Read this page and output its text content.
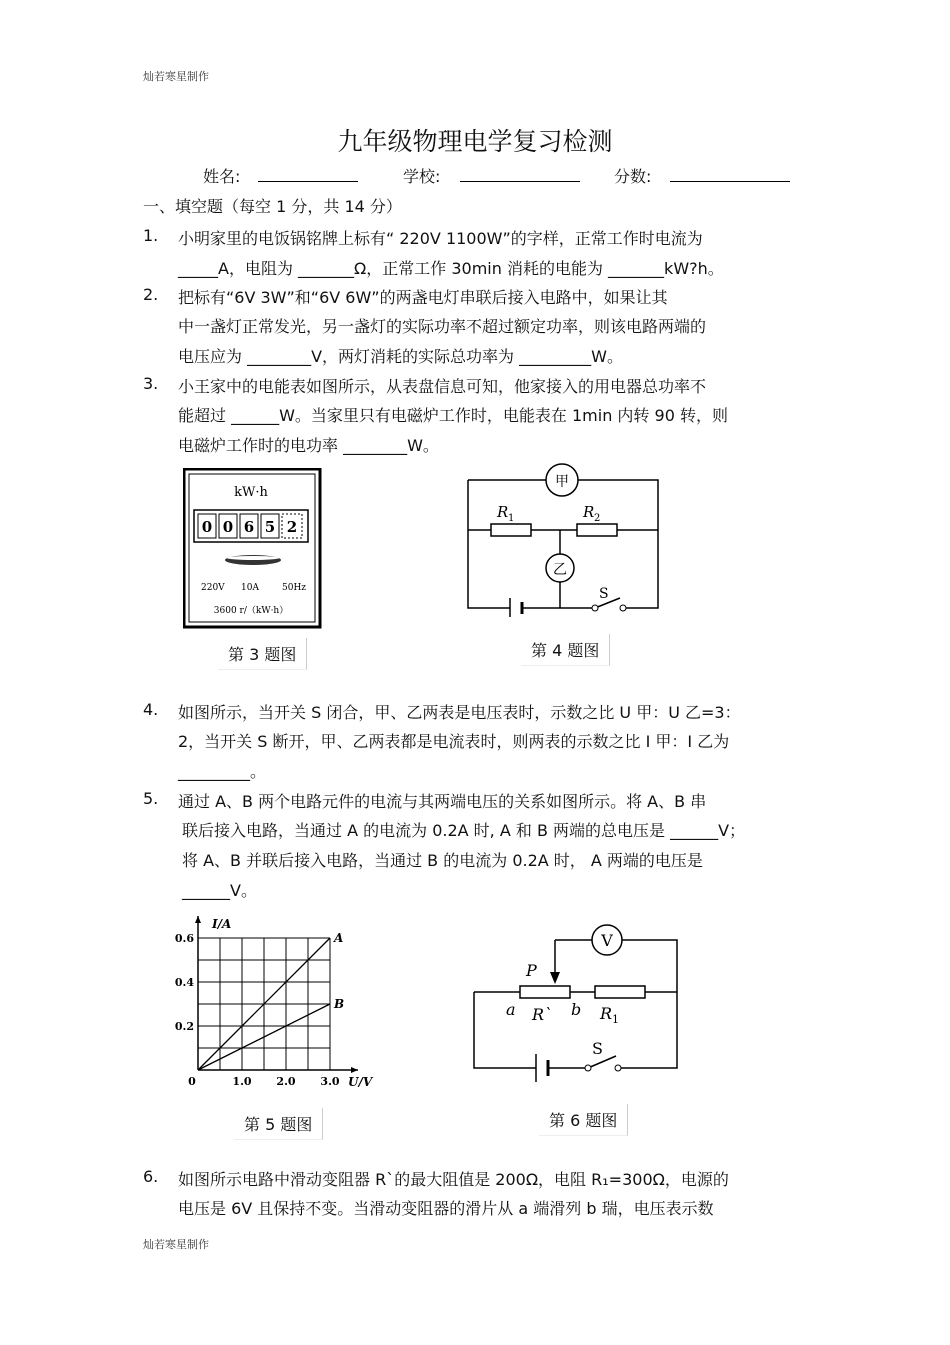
灿若寒星制作
九年级物理电学复习检测
姓名:	学校:	分数:
一、填空题（每空 1 分，共 14 分）
1. 小明家里的电饭锅铭牌上标有“ 220V 1100W”的字样，正常工作时电流为
_____A，电阻为 _______Ω，正常工作 30min 消耗的电能为 _______kW?h。
2. 把标有“6V 3W”和“6V 6W”的两盏电灯串联后接入电路中，如果让其
中一盏灯正常发光，另一盏灯的实际功率不超过额定功率，则该电路两端的
电压应为 ________V，两灯消耗的实际总功率为 _________W。
3. 小王家中的电能表如图所示，从表盘信息可知，他家接入的用电器总功率不
能超过 ______W。当家里只有电磁炉工作时，电能表在 1min 内转 90 转，则
电磁炉工作时的电功率 ________W。
kW·h
0 0 6 5 2
220V 10A	50Hz
3600 r/（kW·h）
第 3 题图
甲
乙
R 1	R 2
S
第 4 题图
4. 如图所示，当开关 S 闭合，甲、乙两表是电压表时，示数之比 U 甲：U 乙=3：
2，当开关 S 断开，甲、乙两表都是电流表时，则两表的示数之比 I 甲：I 乙为
_________。
5. 通过 A、B 两个电路元件的电流与其两端电压的关系如图所示。将 A、B 串
联后接入电路，当通过 A 的电流为 0.2A 时, A 和 B 两端的总电压是 ______V；
将 A、B 并联后接入电路，当通过 B 的电流为 0.2A 时， A 两端的电压是
______V。
A
B
0	1.0 2.0 3.0
0.2
0.4
0.6
I/A
U/V
第 5 题图
V
P
a R` b R 1
S
第 6 题图
6. 如图所示电路中滑动变阻器 R`的最大阻值是 200Ω，电阻 R₁=300Ω，电源的
电压是 6V 且保持不变。当滑动变阻器的滑片从 a 端滑列 b 瑞，电压表示数
灿若寒星制作
